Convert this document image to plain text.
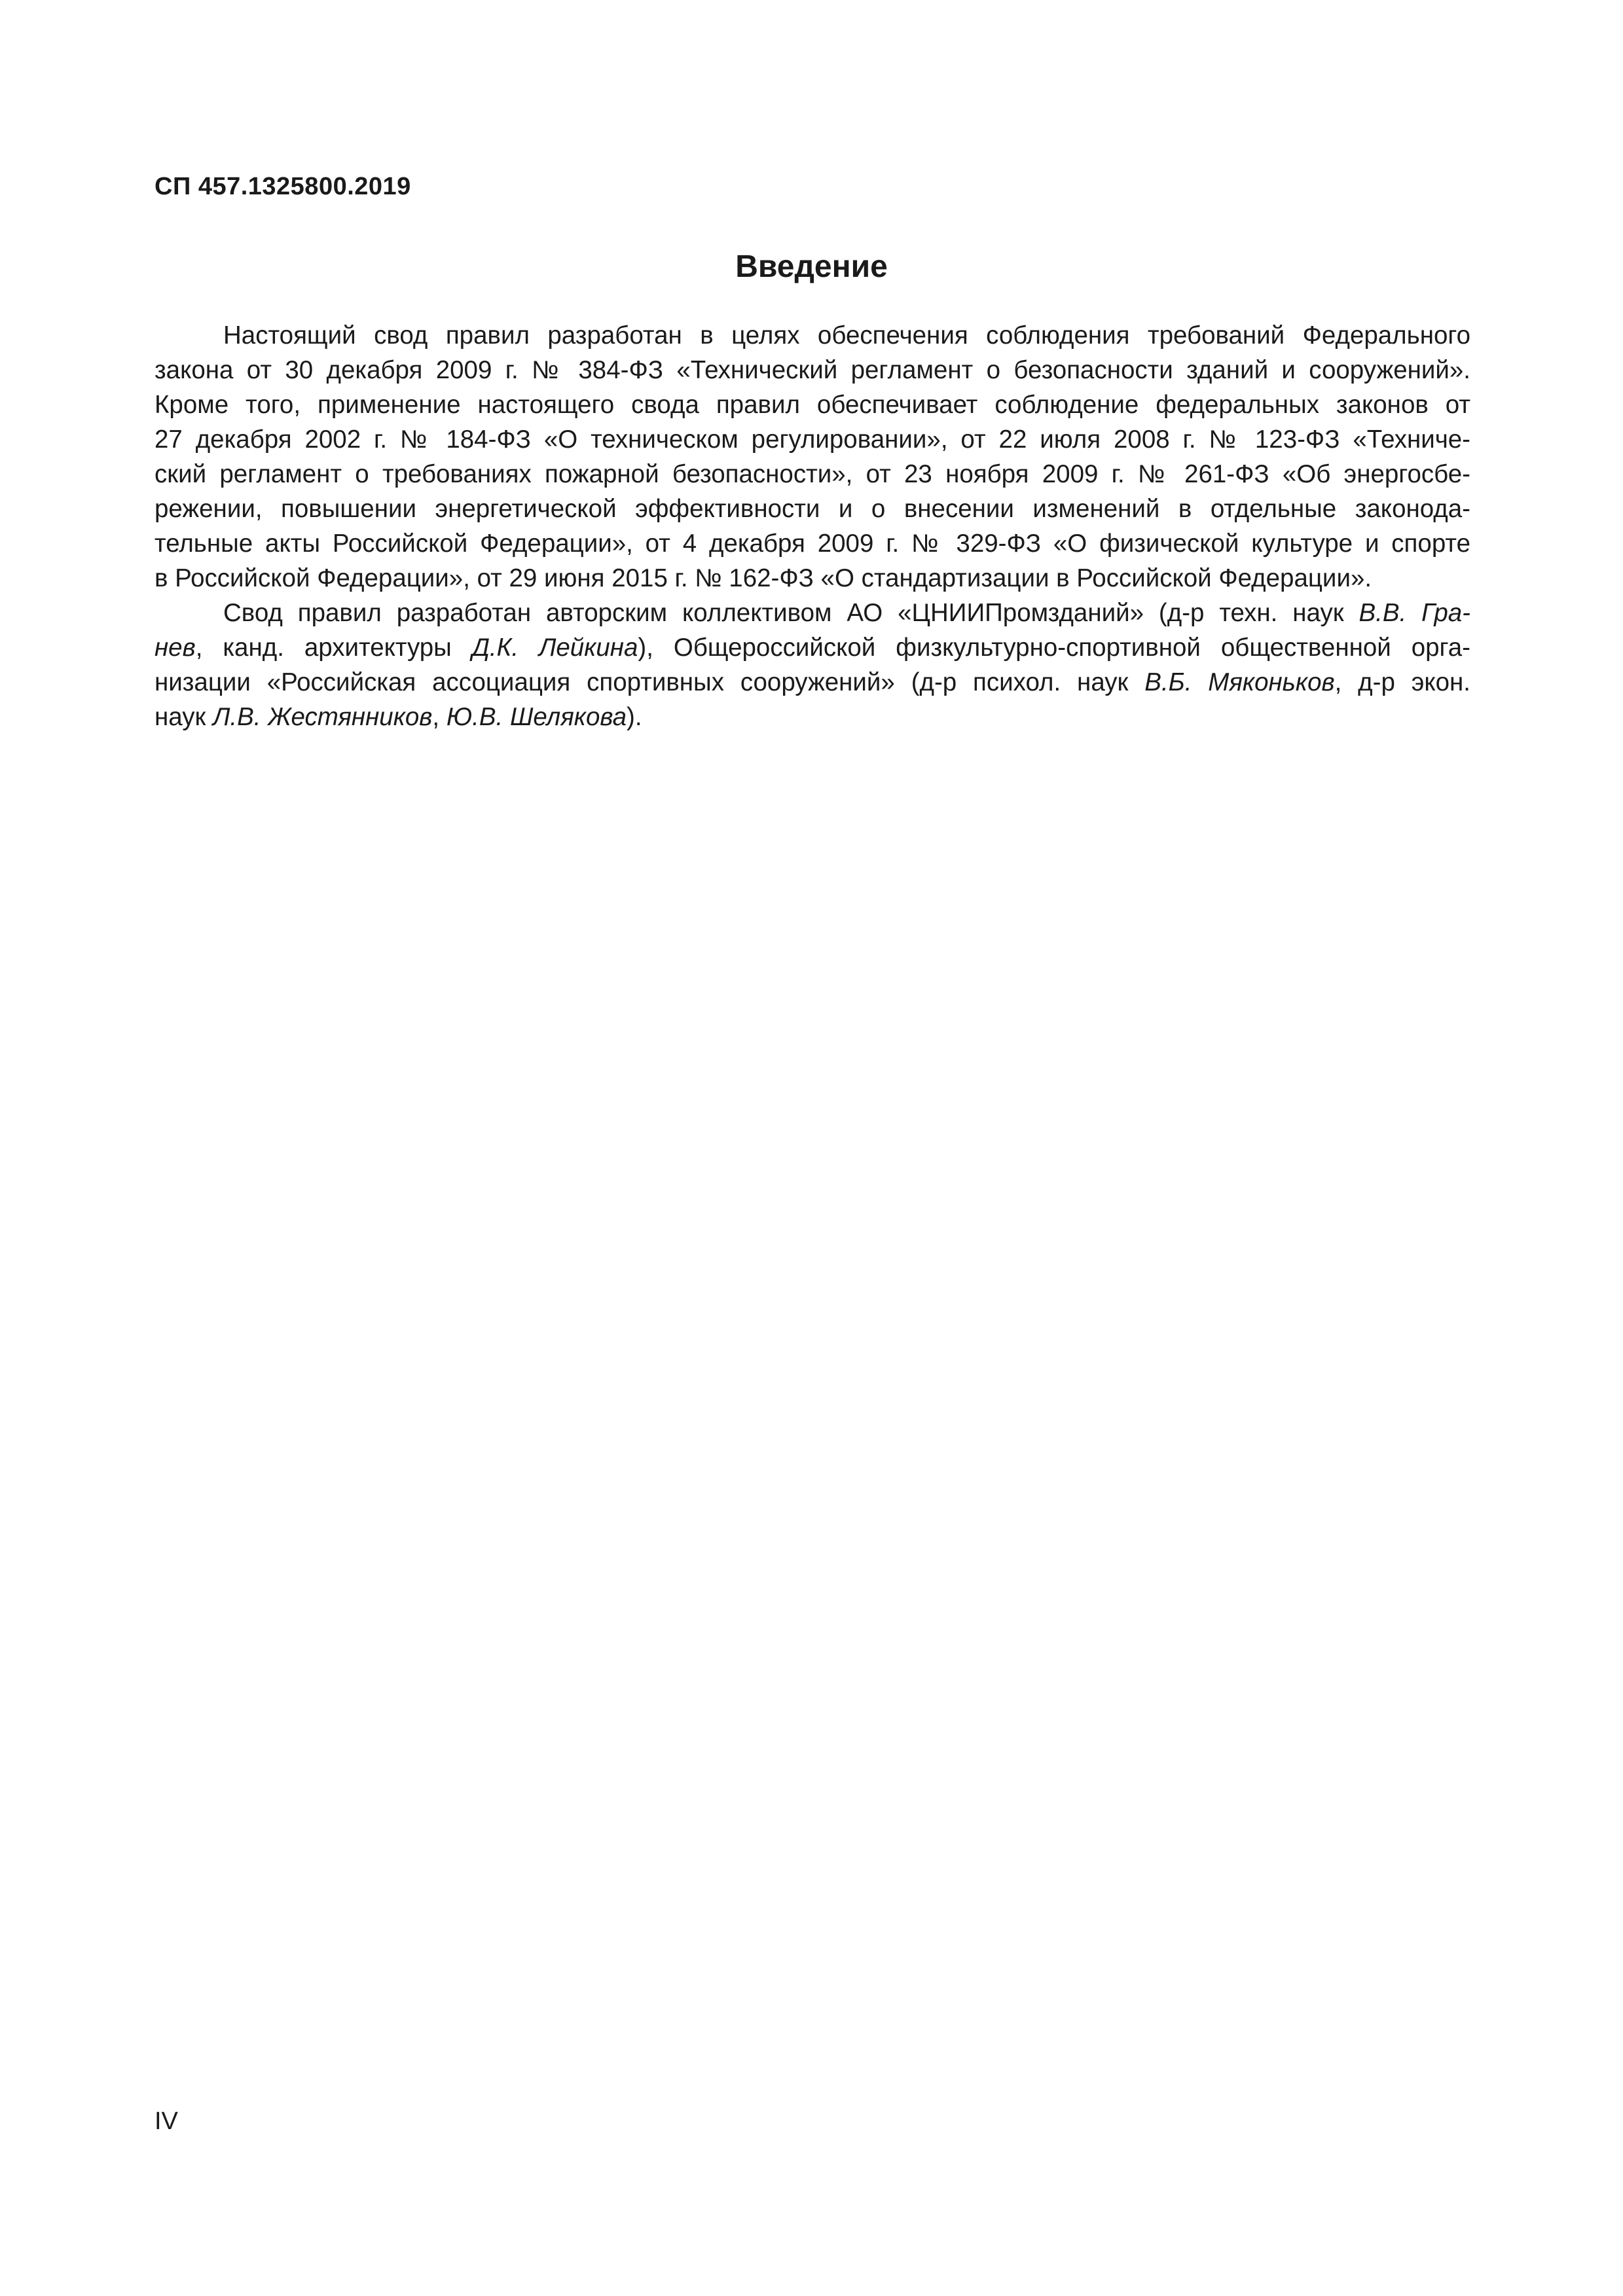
СП 457.1325800.2019
Введение
Настоящий свод правил разработан в целях обеспечения соблюдения требований Федерального
закона от 30 декабря 2009 г. № 384-ФЗ «Технический регламент о безопасности зданий и сооружений».
Кроме того, применение настоящего свода правил обеспечивает соблюдение федеральных законов от
27 декабря 2002 г. № 184-ФЗ «О техническом регулировании», от 22 июля 2008 г. № 123-ФЗ «Техниче-
ский регламент о требованиях пожарной безопасности», от 23 ноября 2009 г. № 261-ФЗ «Об энергосбе-
режении, повышении энергетической эффективности и о внесении изменений в отдельные законода-
тельные акты Российской Федерации», от 4 декабря 2009 г. № 329-ФЗ «О физической культуре и спорте
в Российской Федерации», от 29 июня 2015 г. № 162-ФЗ «О стандартизации в Российской Федерации».
Свод правил разработан авторским коллективом АО «ЦНИИПромзданий» (д-р техн. наук В.В. Гра-
нев, канд. архитектуры Д.К. Лейкина), Общероссийской физкультурно-спортивной общественной орга-
низации «Российская ассоциация спортивных сооружений» (д-р психол. наук В.Б. Мяконьков, д-р экон.
наук Л.В. Жестянников, Ю.В. Шелякова).
IV
